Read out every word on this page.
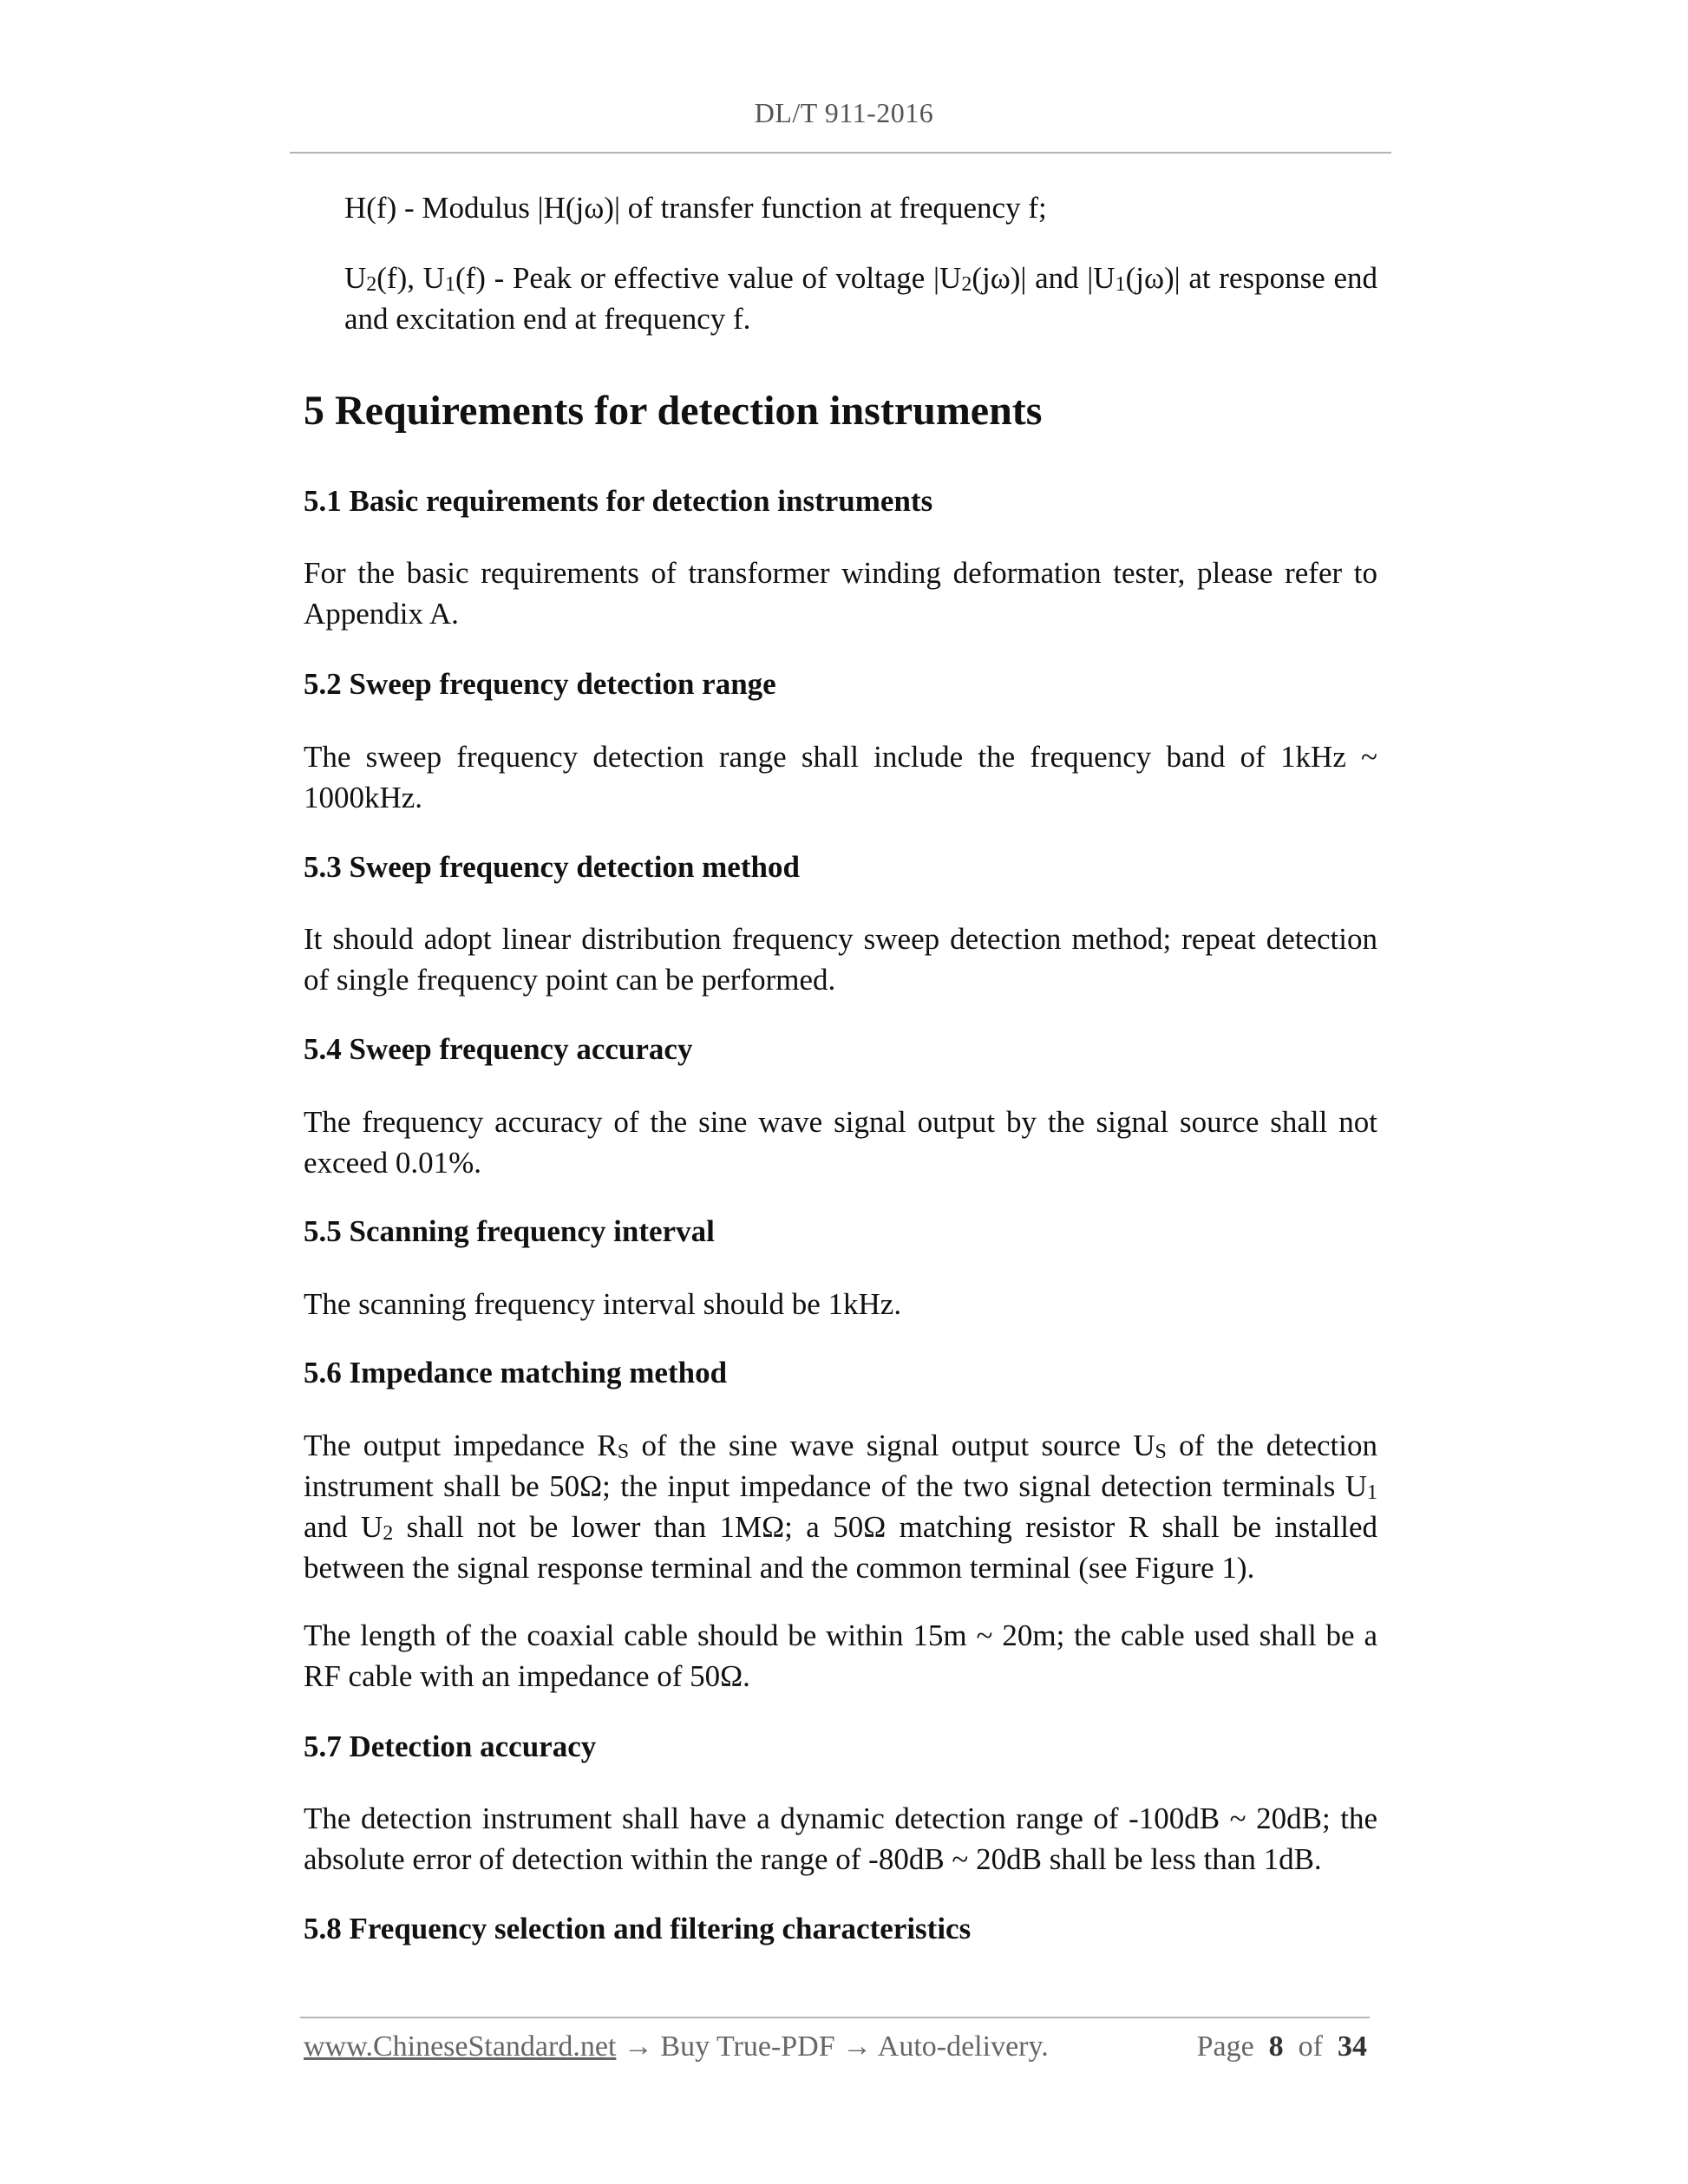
DL/T 911-2016

H(f) - Modulus |H(jω)| of transfer function at frequency f;

$U_2(f)$, $U_1(f)$ - Peak or effective value of voltage $|U_2(j\omega)|$ and $|U_1(j\omega)|$ at response end and excitation end at frequency f.

5 Requirements for detection instruments
5.1 Basic requirements for detection instruments

For the basic requirements of transformer winding deformation tester, please refer to Appendix A.

5.2 Sweep frequency detection range

The sweep frequency detection range shall include the frequency band of 1kHz ~ 1000kHz.

5.3 Sweep frequency detection method

It should adopt linear distribution frequency sweep detection method; repeat detection of single frequency point can be performed.

5.4 Sweep frequency accuracy

The frequency accuracy of the sine wave signal output by the signal source shall not exceed 0.01%.

5.5 Scanning frequency interval

The scanning frequency interval should be 1kHz.

5.6 Impedance matching method

The output impedance $R_S$ of the sine wave signal output source $U_S$ of the detection instrument shall be 50Ω; the input impedance of the two signal detection terminals $U_1$ and $U_2$ shall not be lower than 1MΩ; a 50Ω matching resistor R shall be installed between the signal response terminal and the common terminal (see Figure 1).

The length of the coaxial cable should be within 15m ~ 20m; the cable used shall be a RF cable with an impedance of 50Ω.

5.7 Detection accuracy

The detection instrument shall have a dynamic detection range of -100dB ~ 20dB; the absolute error of detection within the range of -80dB ~ 20dB shall be less than 1dB.

5.8 Frequency selection and filtering characteristics
www.ChineseStandard.net → Buy True-PDF → Auto-delivery.	Page 8 of 34
